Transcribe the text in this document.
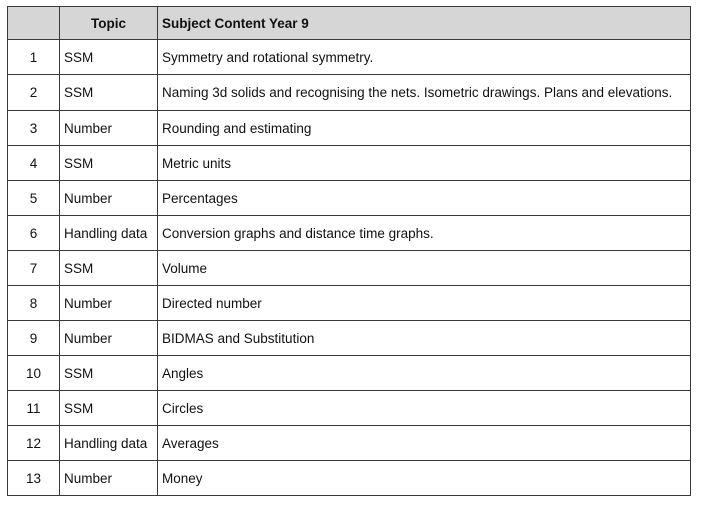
	Topic	Subject Content Year 9
1	SSM	Symmetry and rotational symmetry.
2	SSM	Naming 3d solids and recognising the nets. Isometric drawings. Plans and elevations.
3	Number	Rounding and estimating
4	SSM	Metric units
5	Number	Percentages
6	Handling data	Conversion graphs and distance time graphs.
7	SSM	Volume
8	Number	Directed number
9	Number	BIDMAS and Substitution
10	SSM	Angles
11	SSM	Circles
12	Handling data	Averages
13	Number	Money
